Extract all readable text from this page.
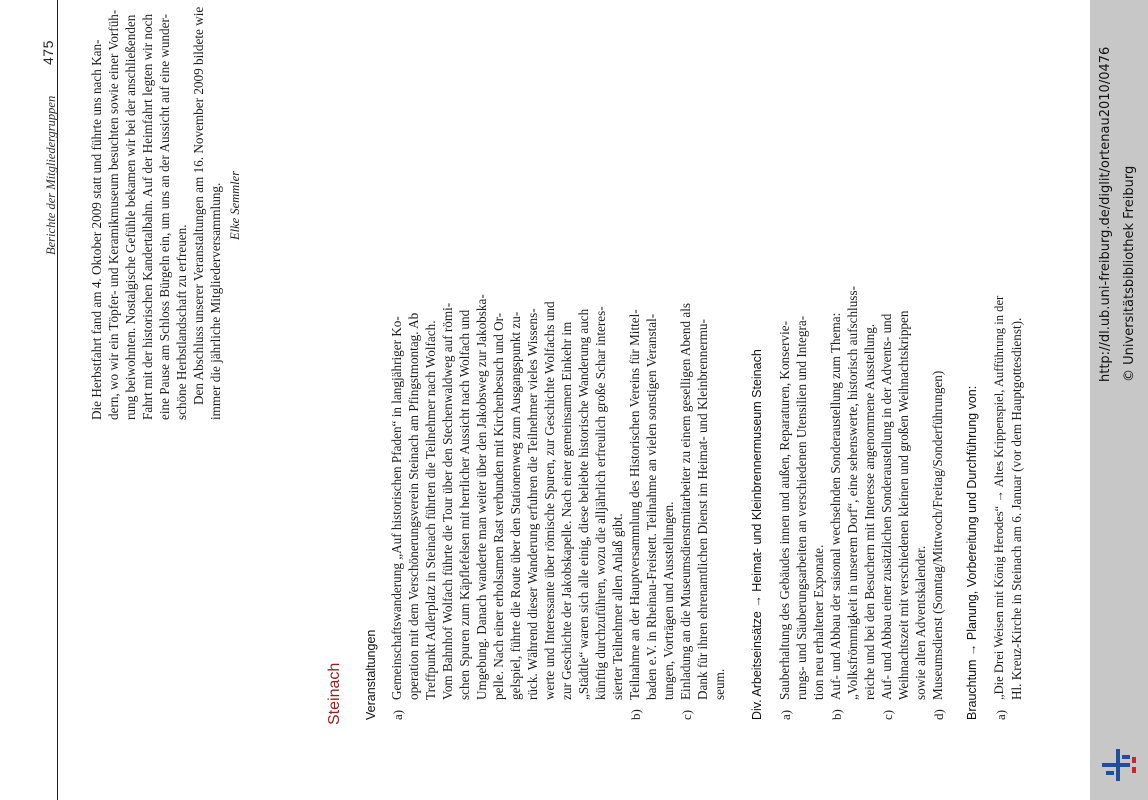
Berichte der Mitgliedergruppen
475	Die Herbstfahrt fand am 4. Oktober 2009 statt und führte uns nach Kan- dern, wo wir ein Töpfer- und Keramikmuseum besuchten sowie einer Vorfüh- rung beiwohnten. Nostalgische Gefühle bekamen wir bei der anschließenden Fahrt mit der historischen Kandertalbahn. Auf der Heimfahrt legten wir noch eine Pause am Schloss Bürgeln ein, um uns an der Aussicht auf eine wunder- schöne Herbstlandschaft zu erfreuen. Den Abschluss unserer Veranstaltungen am 16. November 2009 bildete wie immer die jährliche Mitgliederversammlung. Elke Semmler
Steinach Veranstaltungen a)
Gemeinschaftswanderung „Auf historischen Pfaden“ in langjähriger Ko- operation mit dem Verschönerungsverein Steinach am Pfingstmontag. Ab Treffpunkt Adlerplatz in Steinach führten die Teilnehmer nach Wolfach. Vom Bahnhof Wolfach führte die Tour über den Stechenwaldweg auf römi- schen Spuren zum Käpflefelsen mit herrlicher Aussicht nach Wolfach und Umgebung. Danach wanderte man weiter über den Jakobsweg zur Jakobska- pelle. Nach einer erholsamen Rast verbunden mit Kirchenbesuch und Or- gelspiel, führte die Route über den Stationenweg zum Ausgangspunkt zu- rück. Während dieser Wanderung erfuhren die Teilnehmer vieles Wissens- werte und Interessante über römische Spuren, zur Geschichte Wolfachs und zur Geschichte der Jakobskapelle. Nach einer gemeinsamen Einkehr im „Städtle“ waren sich alle einig, diese beliebte historische Wanderung auch künftig durchzuführen, wozu die alljährlich erfreulich große Schar interes- sierter Teilnehmer allen Anlaß gibt.
b)
Teilnahme an der Hauptversammlung des Historischen Vereins für Mittel- baden e.V. in Rheinau-Freistett. Teilnahme an vielen sonstigen Veranstal- tungen, Vorträgen und Ausstellungen.
c)
Einladung an die Museumsdienstmitarbeiter zu einem geselligen Abend als Dank für ihren ehrenamtlichen Dienst im Heimat- und Kleinbrennermu- seum. Div. Arbeitseinsätze → Heimat- und Kleinbrennermuseum Steinach a)
Sauberhaltung des Gebäudes innen und außen, Reparaturen, Konservie- rungs- und Säuberungsarbeiten an verschiedenen Utensilien und Integra- tion neu erhaltener Exponate.
b)
Auf- und Abbau der saisonal wechselnden Sonderaustellung zum Thema: „Volksfrömmigkeit in unserem Dorf“, eine sehenswerte, historisch aufschluss- reiche und bei den Besuchern mit Interesse angenommene Ausstellung.
c)
Auf- und Abbau einer zusätzlichen Sonderaustellung in der Advents- und Weihnachtszeit mit verschiedenen kleinen und großen Weihnachtskrippen sowie alten Adventskalender.
d)
Museumsdienst (Sonntag/Mittwoch/Freitag/Sonderführungen) Brauchtum → Planung, Vorbereitung und Durchführung von: a)
„Die Drei Weisen mit König Herodes“ → Altes Krippenspiel, Aufführung in der Hl. Kreuz-Kirche in Steinach am 6. Januar (vor dem Hauptgottesdienst).
http://dl.ub.uni-freiburg.de/diglit/ortenau2010/0476 © Universitätsbibliothek Freiburg
